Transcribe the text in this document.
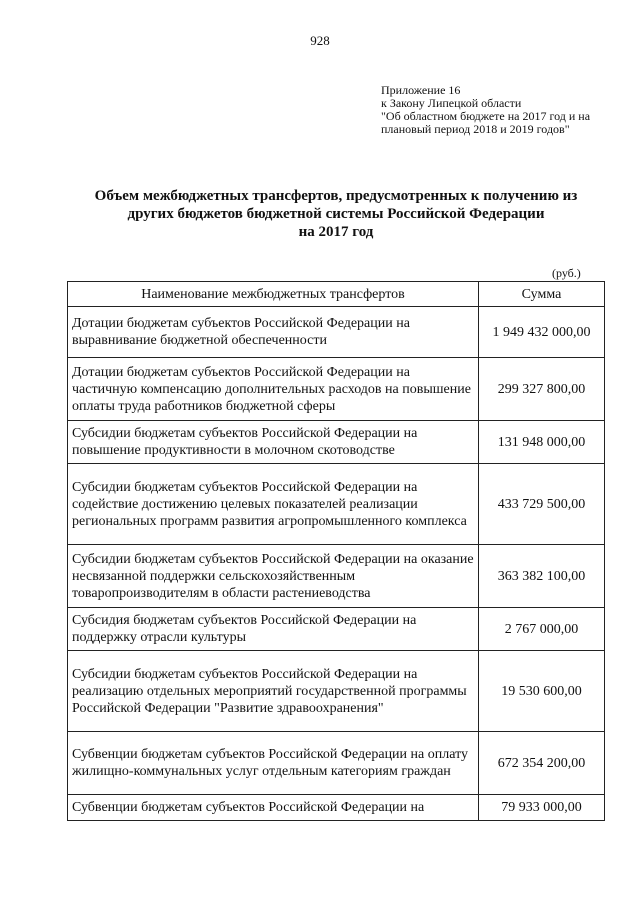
928
Приложение 16
к Закону Липецкой области
"Об областном бюджете на 2017 год и на
плановый период 2018 и 2019 годов"
Объем межбюджетных трансфертов, предусмотренных к получению из
других бюджетов бюджетной системы Российской Федерации
на 2017 год
(руб.)
Наименование межбюджетных трансфертов	Сумма
Дотации бюджетам субъектов Российской Федерации на выравнивание бюджетной обеспеченности	1 949 432 000,00
Дотации бюджетам субъектов Российской Федерации на частичную компенсацию дополнительных расходов на повышение оплаты труда работников бюджетной сферы	299 327 800,00
Субсидии бюджетам субъектов Российской Федерации на повышение продуктивности в молочном скотоводстве	131 948 000,00
Субсидии бюджетам субъектов Российской Федерации на содействие достижению целевых показателей реализации региональных программ развития агропромышленного комплекса	433 729 500,00
Субсидии бюджетам субъектов Российской Федерации на оказание несвязанной поддержки сельскохозяйственным товаропроизводителям в области растениеводства	363 382 100,00
Субсидия бюджетам субъектов Российской Федерации на поддержку отрасли культуры	2 767 000,00
Субсидии бюджетам субъектов Российской Федерации на реализацию отдельных мероприятий государственной программы Российской Федерации "Развитие здравоохранения"	19 530 600,00
Субвенции бюджетам субъектов Российской Федерации на оплату жилищно-коммунальных услуг отдельным категориям граждан	672 354 200,00
Субвенции бюджетам субъектов Российской Федерации на	79 933 000,00
